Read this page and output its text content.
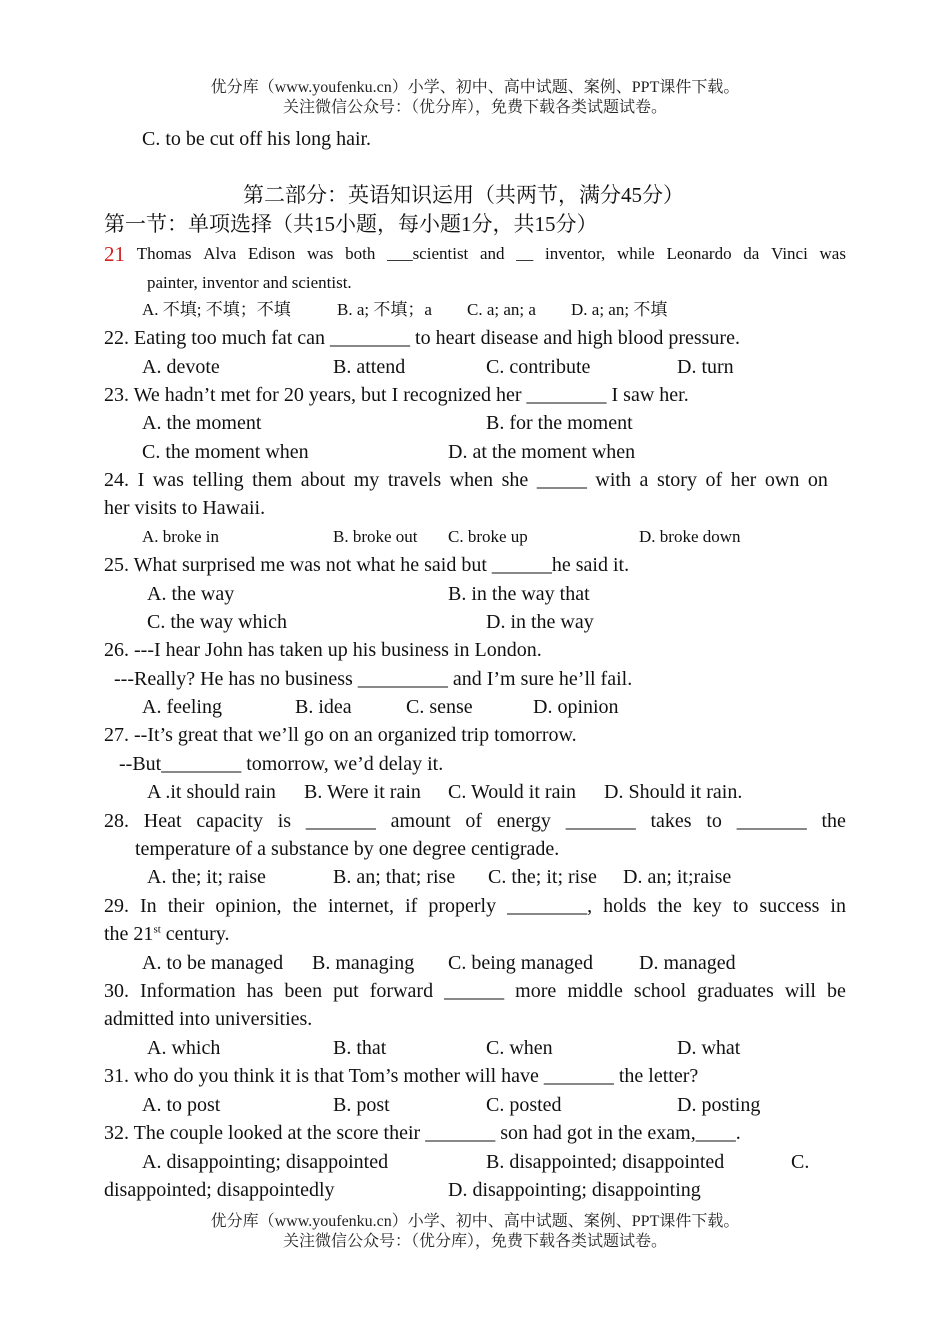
优分库（www.youfenku.cn）小学、初中、高中试题、案例、PPT课件下载。
关注微信公众号：（优分库），免费下载各类试题试卷。
C. to be cut off his long hair.
第二部分：英语知识运用（共两节，满分45分）
第一节：单项选择（共15小题，每小题1分，共15分）
21 Thomas Alva Edison was both ___scientist and __ inventor, while Leonardo da Vinci was
painter, inventor and scientist.
A. 不填; 不填；不填	B. a; 不填；a C. a; an; a D. a; an; 不填
22. Eating too much fat can ________ to heart disease and high blood pressure.
A. devote	B. attend	C. contribute	D. turn
23. We hadn’t met for 20 years, but I recognized her ________ I saw her.
A. the moment	B. for the moment
C. the moment when	D. at the moment when
24. I was telling them about my travels when she _____ with a story of her own on
her visits to Hawaii.
A. broke in	B. broke out C. broke up	D. broke down
25. What surprised me was not what he said but ______he said it.
A. the way	B. in the way that
C. the way which	D. in the way
26. ---I hear John has taken up his business in London.
---Really? He has no business _________ and I’m sure he’ll fail.
A. feeling	B. idea	C. sense	D. opinion
27. --It’s great that we’ll go on an organized trip tomorrow.
--But________ tomorrow, we’d delay it.
A .it should rain B. Were it rain C. Would it rain D. Should it rain.
28. Heat capacity is _______ amount of energy _______ takes to _______ the
temperature of a substance by one degree centigrade.
A. the; it; raise	B. an; that; rise C. the; it; rise D. an; it;raise
29. In their opinion, the internet, if properly ________, holds the key to success in
the 21st century.
A. to be managed B. managing C. being managed D. managed
30. Information has been put forward ______ more middle school graduates will be
admitted into universities.
A. which	B. that	C. when	D. what
31. who do you think it is that Tom’s mother will have _______ the letter?
A. to post	B. post	C. posted	D. posting
32. The couple looked at the score their _______ son had got in the exam,____.
A. disappointing; disappointed	B. disappointed; disappointed	C.
disappointed; disappointedly	D. disappointing; disappointing
优分库（www.youfenku.cn）小学、初中、高中试题、案例、PPT课件下载。
关注微信公众号：（优分库），免费下载各类试题试卷。
